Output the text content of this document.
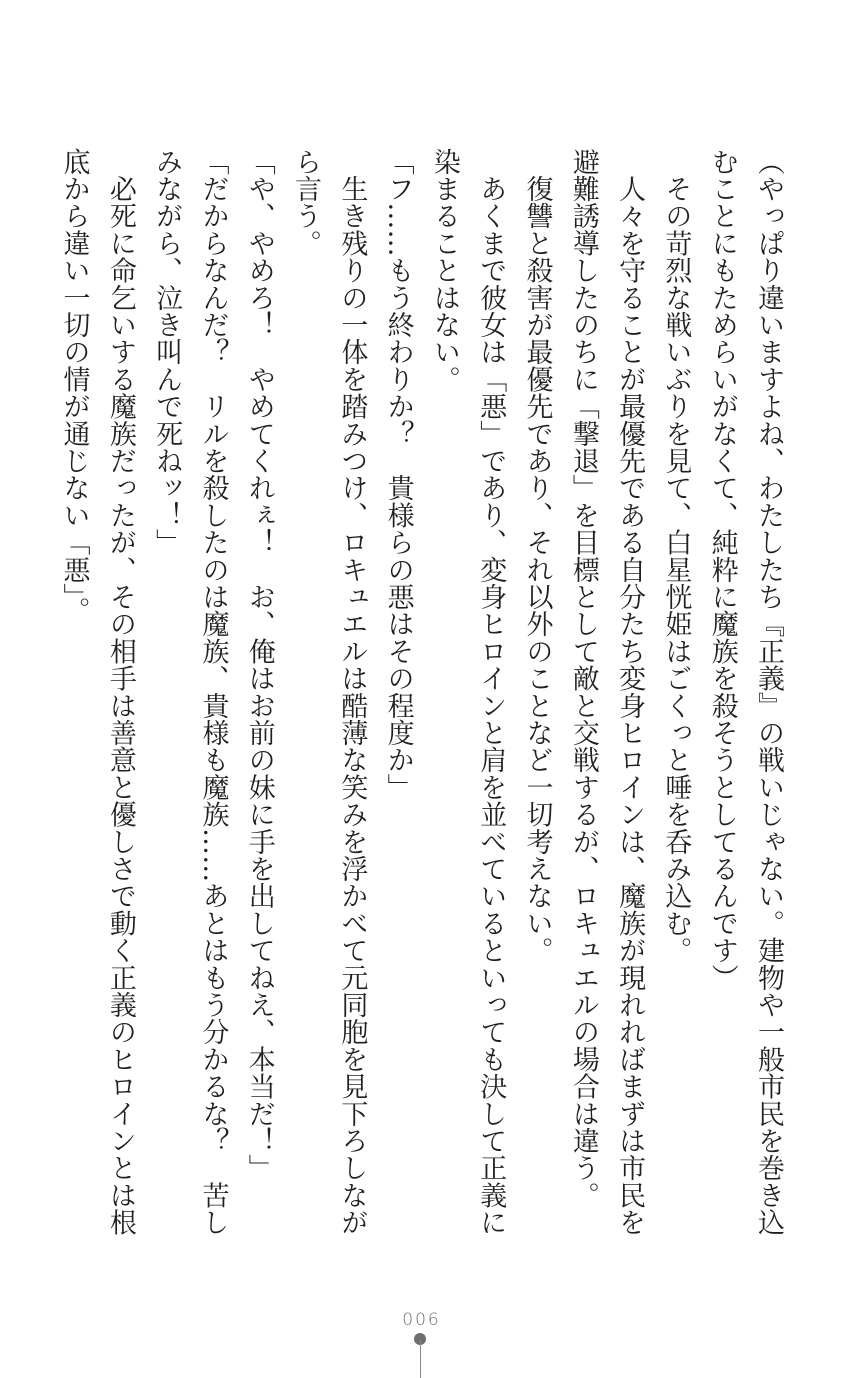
（やっぱり違いますよね、わたしたち『正義』の戦いじゃない。建物や一般市民を巻き込
むことにもためらいがなくて、純粋に魔族を殺そうとしてるんです）
　その苛烈な戦いぶりを見て、白星恍姫はごくっと唾を呑み込む。
　人々を守ることが最優先である自分たち変身ヒロインは、魔族が現れればまずは市民を
避難誘導したのちに「撃退」を目標として敵と交戦するが、ロキュエルの場合は違う。
　復讐と殺害が最優先であり、それ以外のことなど一切考えない。
　あくまで彼女は「悪」であり、変身ヒロインと肩を並べているといっても決して正義に
染まることはない。
「フ……もう終わりか？　貴様らの悪はその程度か」
　生き残りの一体を踏みつけ、ロキュエルは酷薄な笑みを浮かべて元同胞を見下ろしなが
ら言う。
「や、やめろ！　やめてくれぇ！　お、俺はお前の妹に手を出してねえ、本当だ！」
「だからなんだ？　リルを殺したのは魔族、貴様も魔族……あとはもう分かるな？　苦し
みながら、泣き叫んで死ねッ！」
　必死に命乞いする魔族だったが、その相手は善意と優しさで動く正義のヒロインとは根
底から違い一切の情が通じない「悪」。
006
